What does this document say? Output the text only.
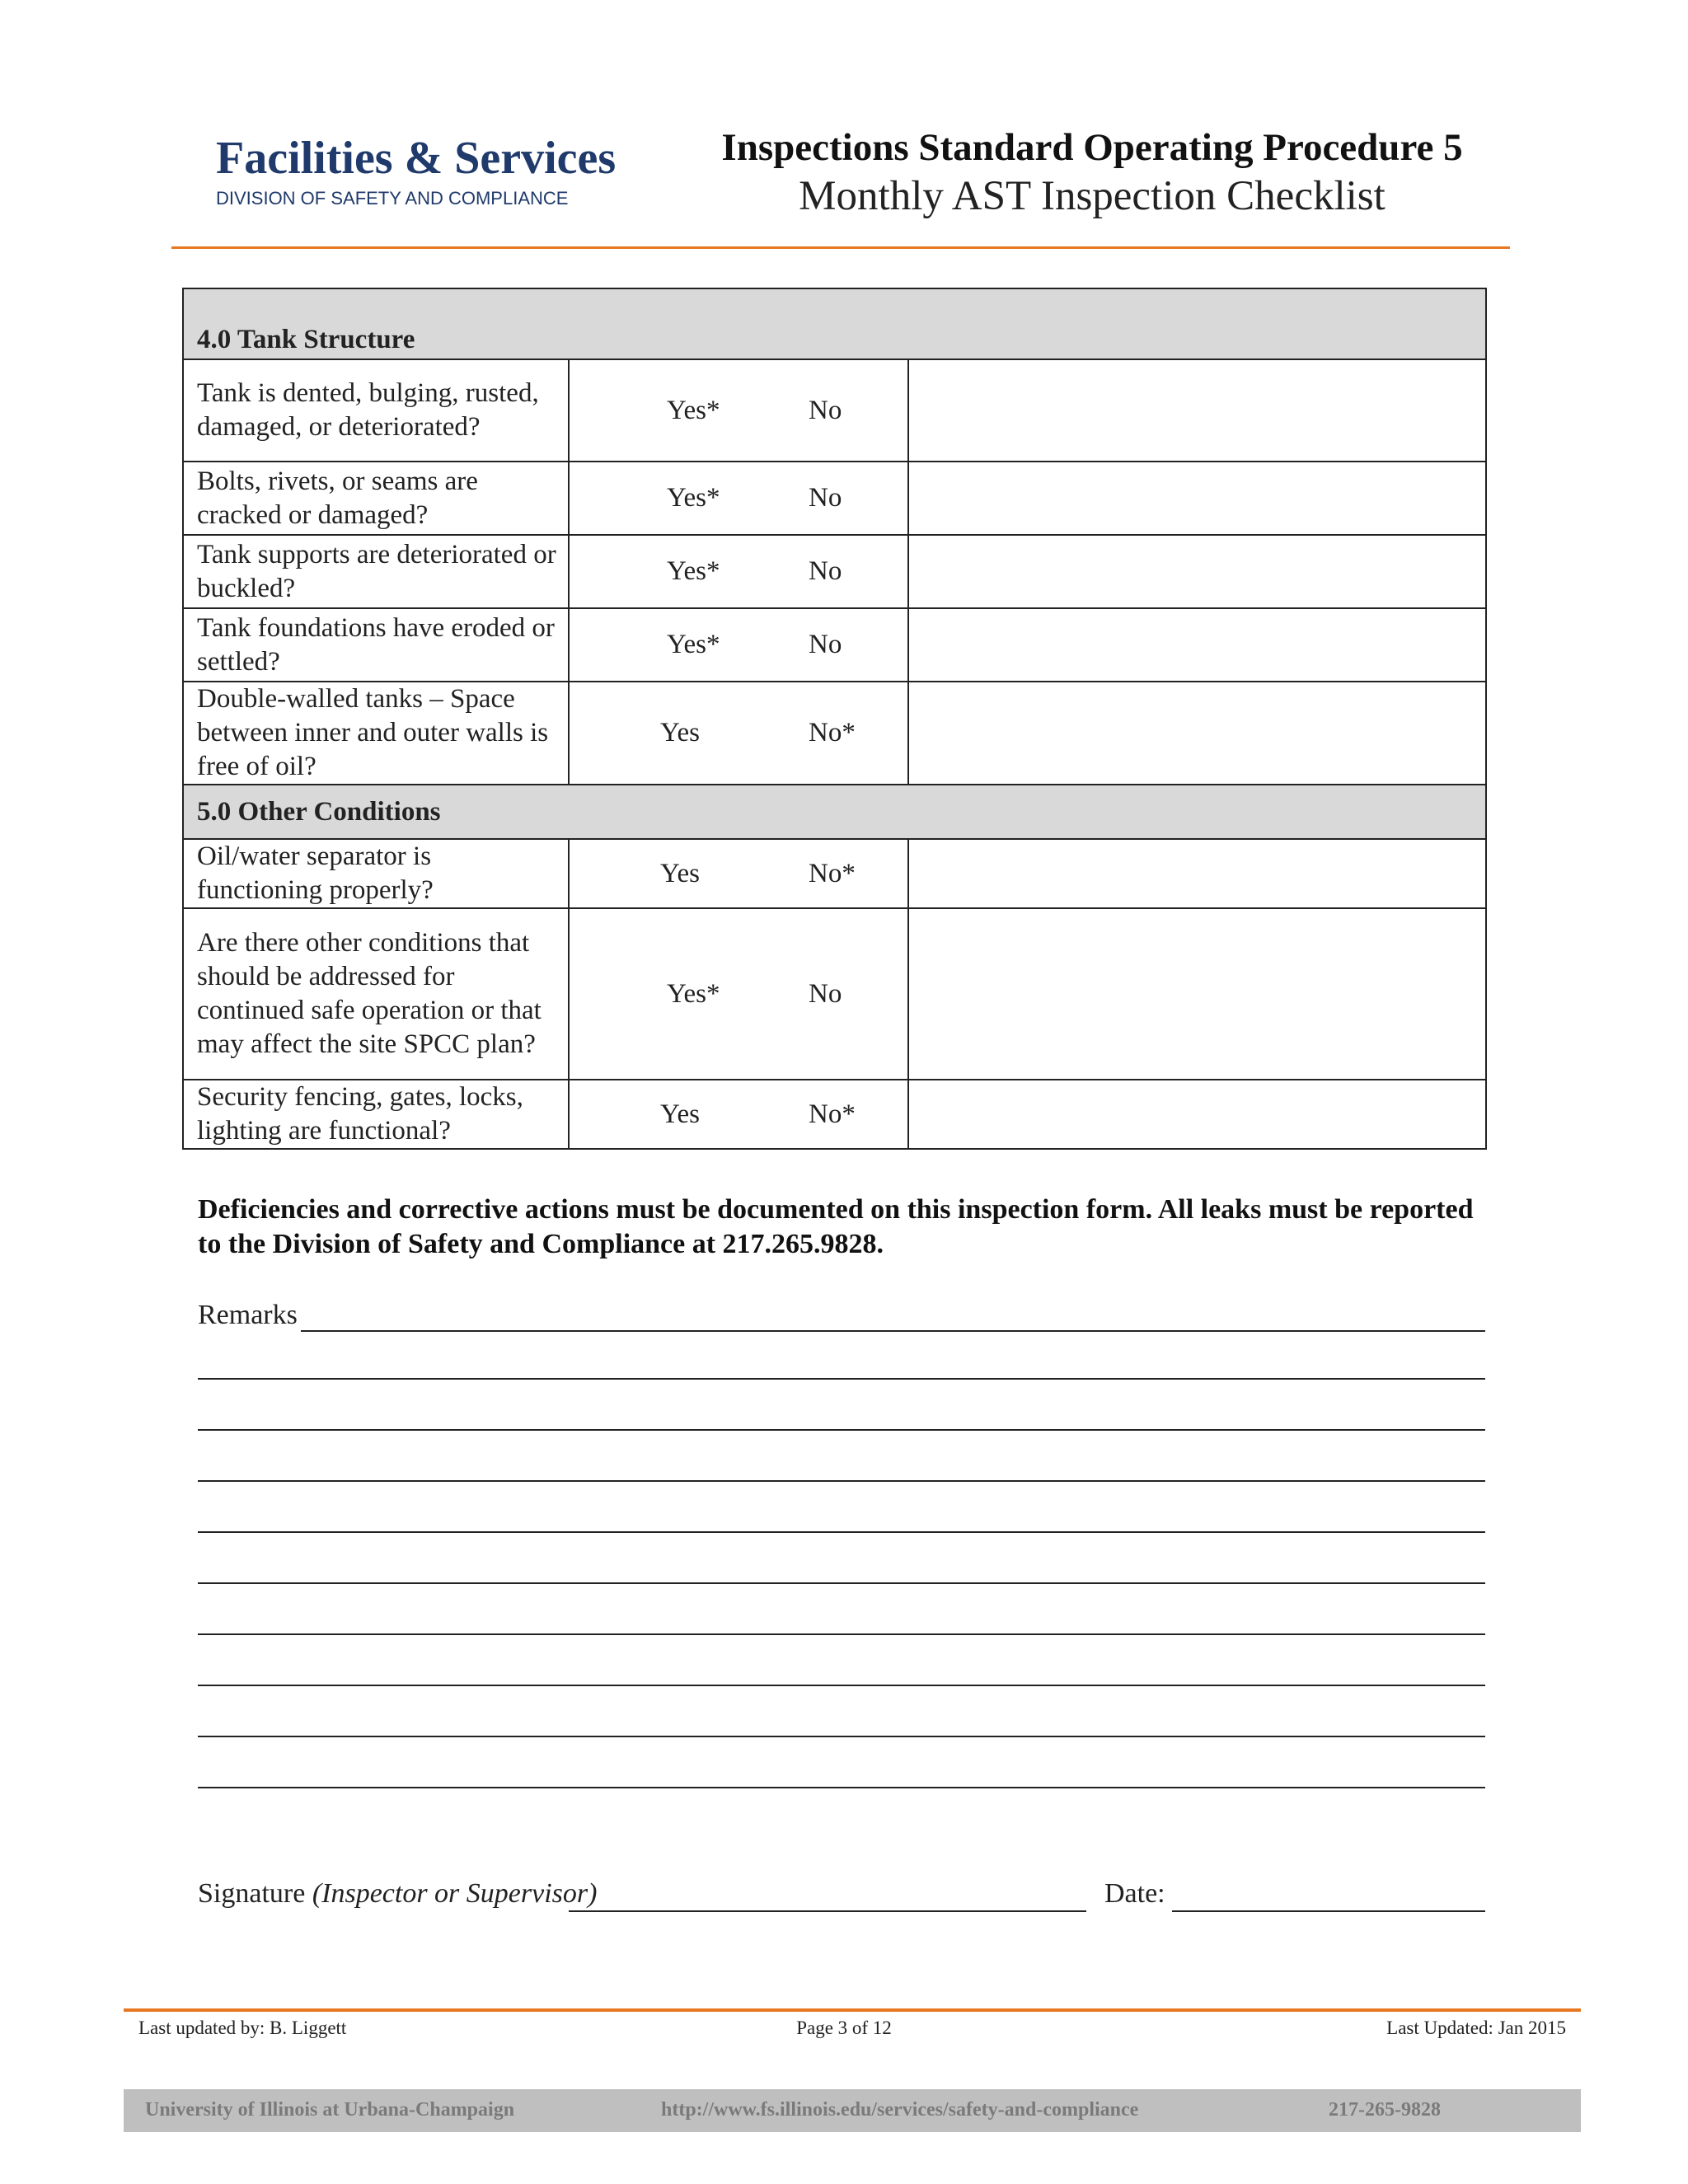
Facilities & Services
DIVISION OF SAFETY AND COMPLIANCE
Inspections Standard Operating Procedure 5
Monthly AST Inspection Checklist
4.0 Tank Structure		
Tank is dented, bulging, rusted, damaged, or deteriorated?	Yes* No	

Bolts, rivets, or seams are cracked or damaged?	Yes* No	

Tank supports are deteriorated or buckled?	Yes* No	

Tank foundations have eroded or settled?	Yes* No	

Double-walled tanks – Space between inner and outer walls is free of oil?	Yes No*	

5.0 Other Conditions		
Oil/water separator is functioning properly?	Yes No*	

Are there other conditions that should be addressed for continued safe operation or that may affect the site SPCC plan?	Yes* No	

Security fencing, gates, locks, lighting are functional?	Yes No*	

Deficiencies and corrective actions must be documented on this inspection form. All leaks must be reported to the Division of Safety and Compliance at 217.265.9828.
Remarks
Signature (Inspector or Supervisor)	Date:
Page 3 of 12
Last updated by: B. Liggett	Last Updated: Jan 2015
University of Illinois at Urbana-Champaign	http://www.fs.illinois.edu/services/safety-and-compliance	217-265-9828
